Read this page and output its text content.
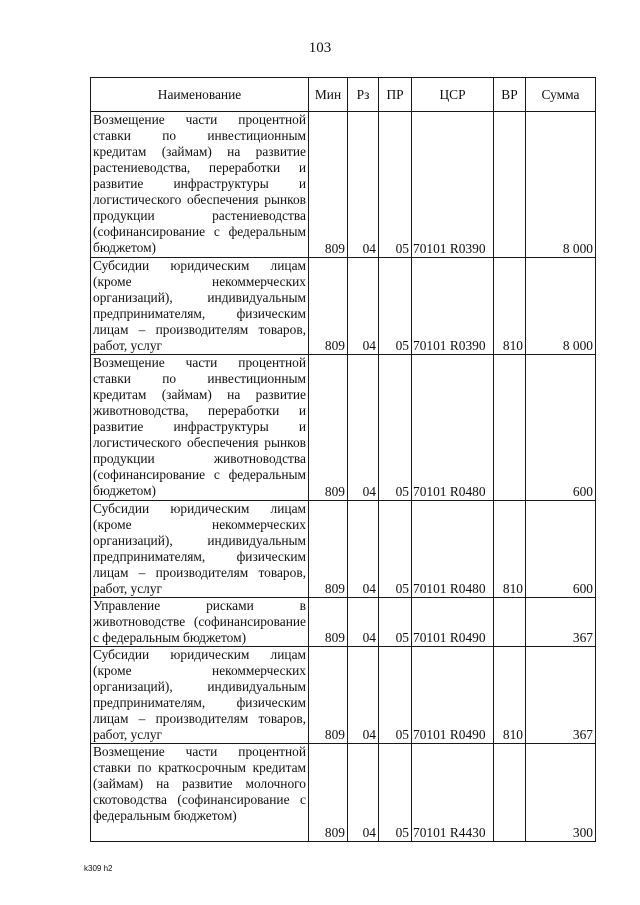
103
Наименование	Мин	Рз	ПР	ЦСР	ВР	Сумма
Возмещение части процентной ставки по инвестиционным кредитам (займам) на развитие растениеводства, переработки и развитие инфраструктуры и логистического обеспечения рынков продукции растениеводства (софинансирование с федеральным бюджетом)	809	04	05	70101 R0390		8 000
Субсидии юридическим лицам (кроме некоммерческих организаций), индивидуальным предпринимателям, физическим лицам – производителям товаров, работ, услуг	809	04	05	70101 R0390	810	8 000
Возмещение части процентной ставки по инвестиционным кредитам (займам) на развитие животноводства, переработки и развитие инфраструктуры и логистического обеспечения рынков продукции животноводства (софинансирование с федеральным бюджетом)	809	04	05	70101 R0480		600
Субсидии юридическим лицам (кроме некоммерческих организаций), индивидуальным предпринимателям, физическим лицам – производителям товаров, работ, услуг	809	04	05	70101 R0480	810	600
Управление рисками в животноводстве (софинансирование с федеральным бюджетом)	809	04	05	70101 R0490		367
Субсидии юридическим лицам (кроме некоммерческих организаций), индивидуальным предпринимателям, физическим лицам – производителям товаров, работ, услуг	809	04	05	70101 R0490	810	367
Возмещение части процентной ставки по краткосрочным кредитам (займам) на развитие молочного скотоводства (софинансирование с федеральным бюджетом)	809	04	05	70101 R4430		300
k309 h2
